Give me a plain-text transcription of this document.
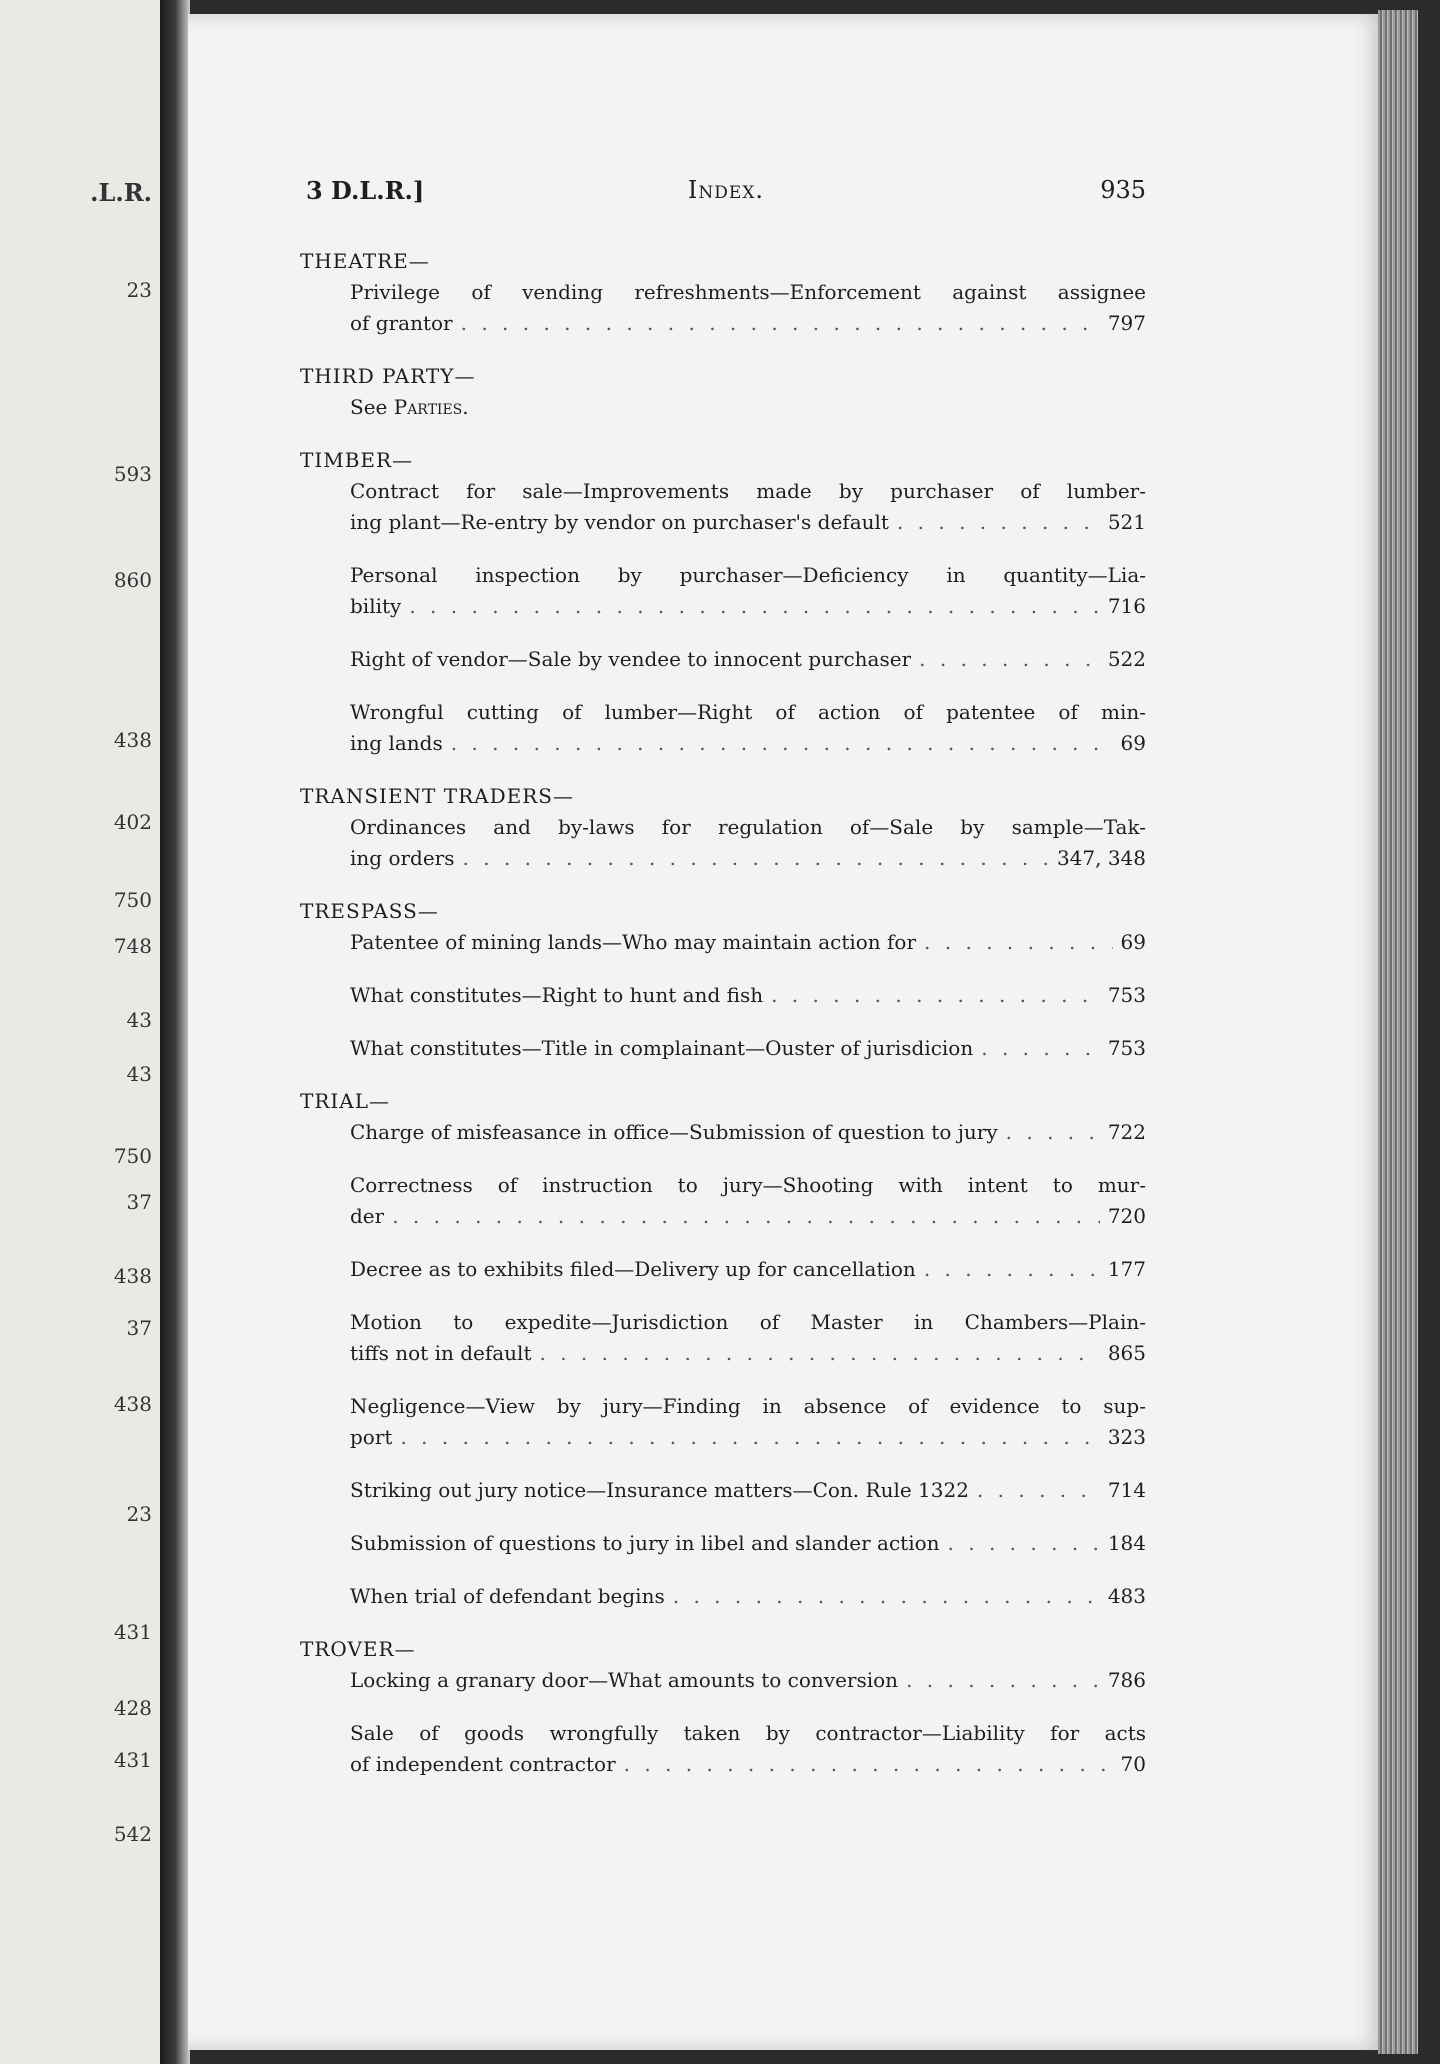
.L.R.
23
593
860
438
402
750
748
43
43
750
37
438
37
438
23
431
428
431
542
3 D.L.R.]	Index.	935
THEATRE—
Privilege of vending refreshments—Enforcement against assignee
of grantor . . .	797
THIRD PARTY—
See Parties.
TIMBER—
Contract for sale—Improvements made by purchaser of lumber-
ing plant—Re-entry by vendor on purchaser's default . . .	521
Personal inspection by purchaser—Deficiency in quantity—Lia-
bility . . .	716
Right of vendor—Sale by vendee to innocent purchaser . . .	522
Wrongful cutting of lumber—Right of action of patentee of min-
ing lands . . .	69
TRANSIENT TRADERS—
Ordinances and by-laws for regulation of—Sale by sample—Tak-
ing orders . . .	347, 348
TRESPASS—
Patentee of mining lands—Who may maintain action for . . .	69
What constitutes—Right to hunt and fish . . .	753
What constitutes—Title in complainant—Ouster of jurisdicion . . .	753
TRIAL—
Charge of misfeasance in office—Submission of question to jury . . .	722
Correctness of instruction to jury—Shooting with intent to mur-
der . . .	720
Decree as to exhibits filed—Delivery up for cancellation . . .	177
Motion to expedite—Jurisdiction of Master in Chambers—Plain-
tiffs not in default . . .	865
Negligence—View by jury—Finding in absence of evidence to sup-
port . . .	323
Striking out jury notice—Insurance matters—Con. Rule 1322 . . .	714
Submission of questions to jury in libel and slander action . . .	184
When trial of defendant begins . . .	483
TROVER—
Locking a granary door—What amounts to conversion . . .	786
Sale of goods wrongfully taken by contractor—Liability for acts
of independent contractor . . .	70
